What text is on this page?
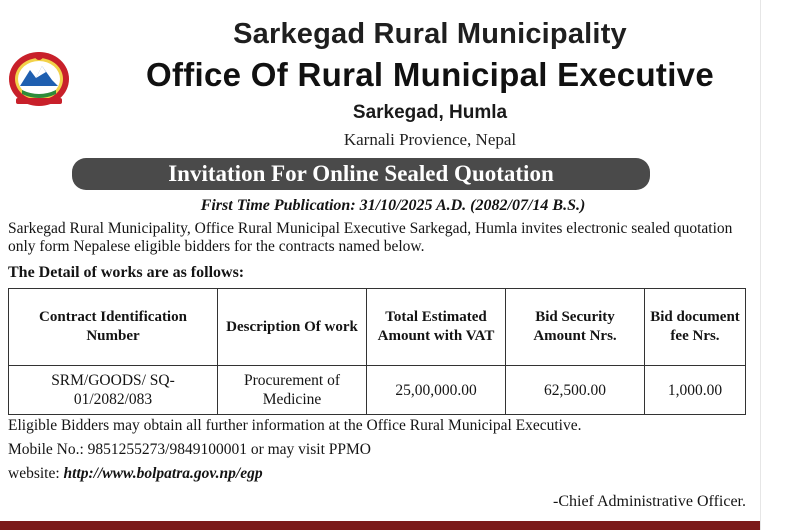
Sarkegad Rural Municipality
Office Of Rural Municipal Executive
Sarkegad, Humla
Karnali Provience, Nepal
Invitation For Online Sealed Quotation
First Time Publication: 31/10/2025 A.D. (2082/07/14 B.S.)
Sarkegad Rural Municipality, Office Rural Municipal Executive Sarkegad, Humla invites electronic sealed quotation only form Nepalese eligible bidders for the contracts named below.
The Detail of works are as follows:
Contract Identification Number	Description Of work	Total Estimated Amount with VAT	Bid Security Amount Nrs.	Bid document fee Nrs.
SRM/GOODS/ SQ-01/2082/083	Procurement of Medicine	25,00,000.00	62,500.00	1,000.00
Eligible Bidders may obtain all further information at the Office Rural Municipal Executive.
Mobile No.: 9851255273/9849100001 or may visit PPMO
website: http://www.bolpatra.gov.np/egp
-Chief Administrative Officer.
